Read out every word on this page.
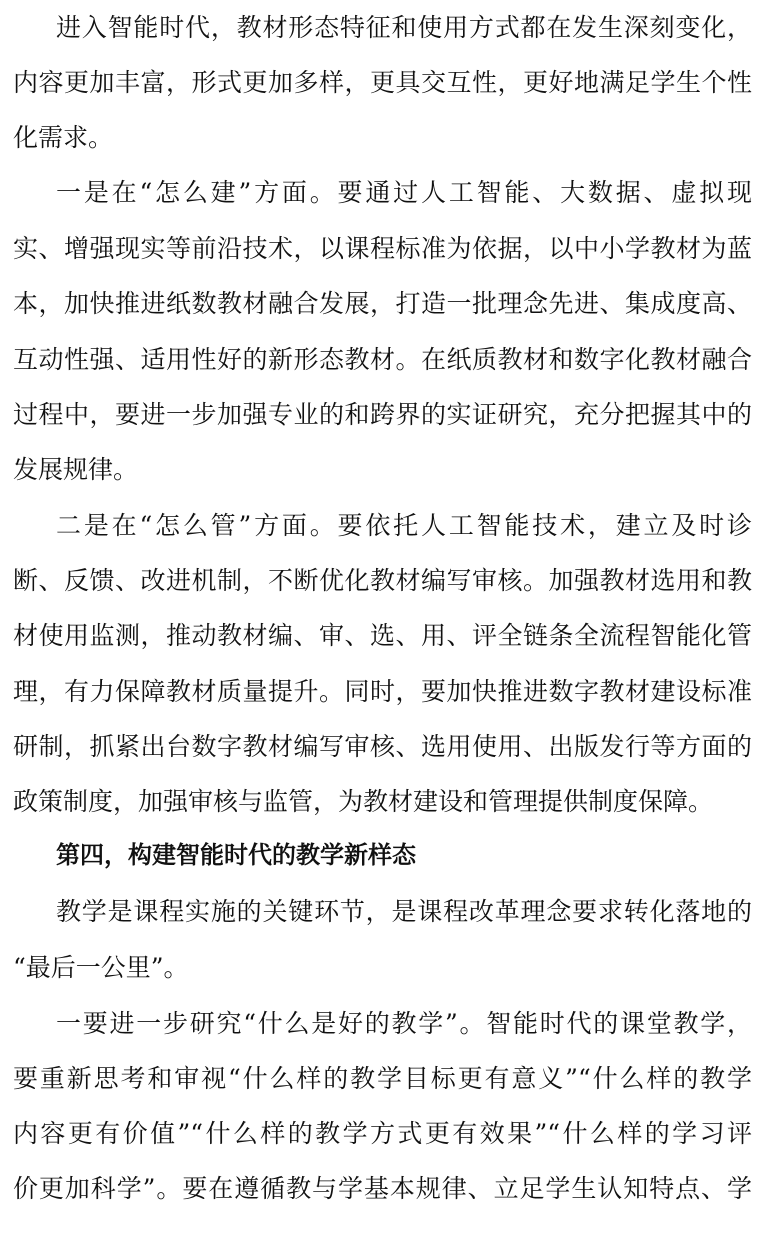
进入智能时代，教材形态特征和使用方式都在发生深刻变化，
内容更加丰富，形式更加多样，更具交互性，更好地满足学生个性
化需求。
一是在“怎么建”方面。要通过人工智能、大数据、虚拟现
实、增强现实等前沿技术，以课程标准为依据，以中小学教材为蓝
本，加快推进纸数教材融合发展，打造一批理念先进、集成度高、
互动性强、适用性好的新形态教材。在纸质教材和数字化教材融合
过程中，要进一步加强专业的和跨界的实证研究，充分把握其中的
发展规律。
二是在“怎么管”方面。要依托人工智能技术，建立及时诊
断、反馈、改进机制，不断优化教材编写审核。加强教材选用和教
材使用监测，推动教材编、审、选、用、评全链条全流程智能化管
理，有力保障教材质量提升。同时，要加快推进数字教材建设标准
研制，抓紧出台数字教材编写审核、选用使用、出版发行等方面的
政策制度，加强审核与监管，为教材建设和管理提供制度保障。
第四，构建智能时代的教学新样态
教学是课程实施的关键环节，是课程改革理念要求转化落地的
“最后一公里”。
一要进一步研究“什么是好的教学”。智能时代的课堂教学，
要重新思考和审视“什么样的教学目标更有意义”“什么样的教学
内容更有价值”“什么样的教学方式更有效果”“什么样的学习评
价更加科学”。要在遵循教与学基本规律、立足学生认知特点、学
